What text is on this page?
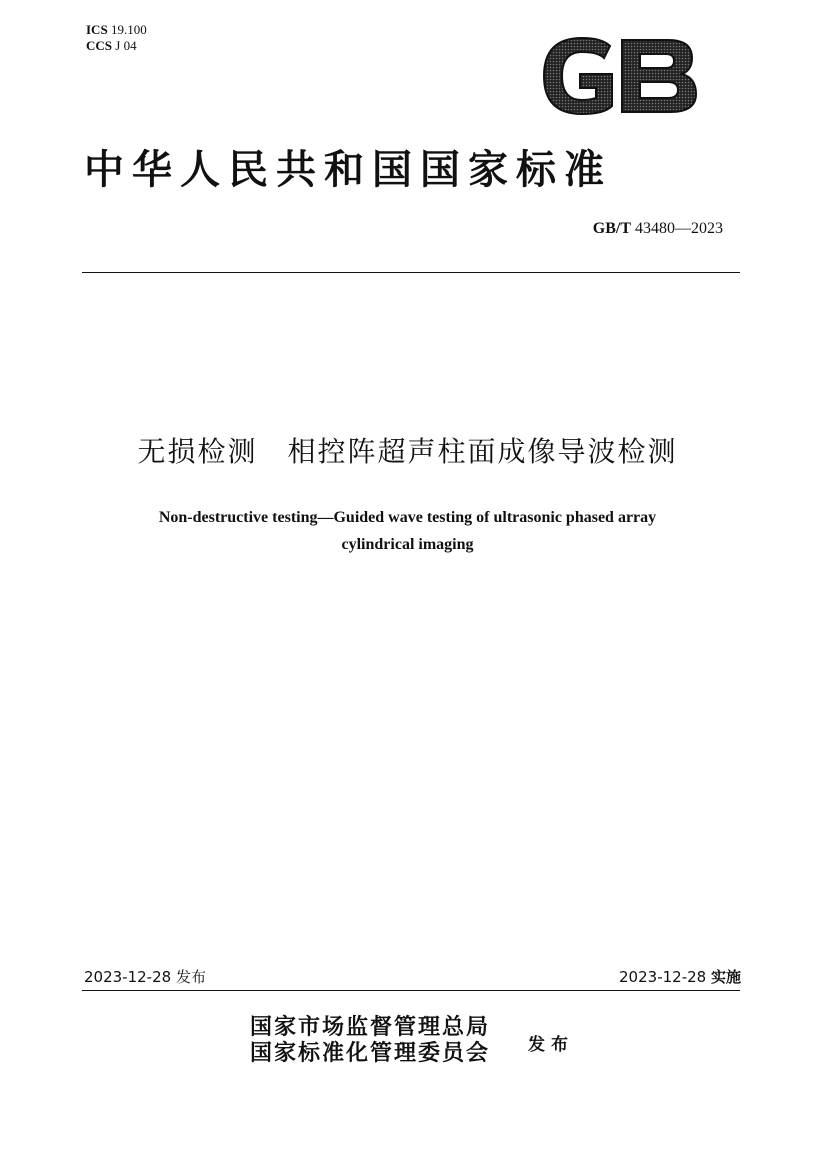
ICS 19.100
CCS J 04
GB
中华人民共和国国家标准
GB/T 43480—2023
无损检测　相控阵超声柱面成像导波检测
Non-destructive testing—Guided wave testing of ultrasonic phased array
cylindrical imaging
2023-12-28 发布	2023-12-28 实施
国家市场监督管理总局
国家标准化管理委员会 发布
